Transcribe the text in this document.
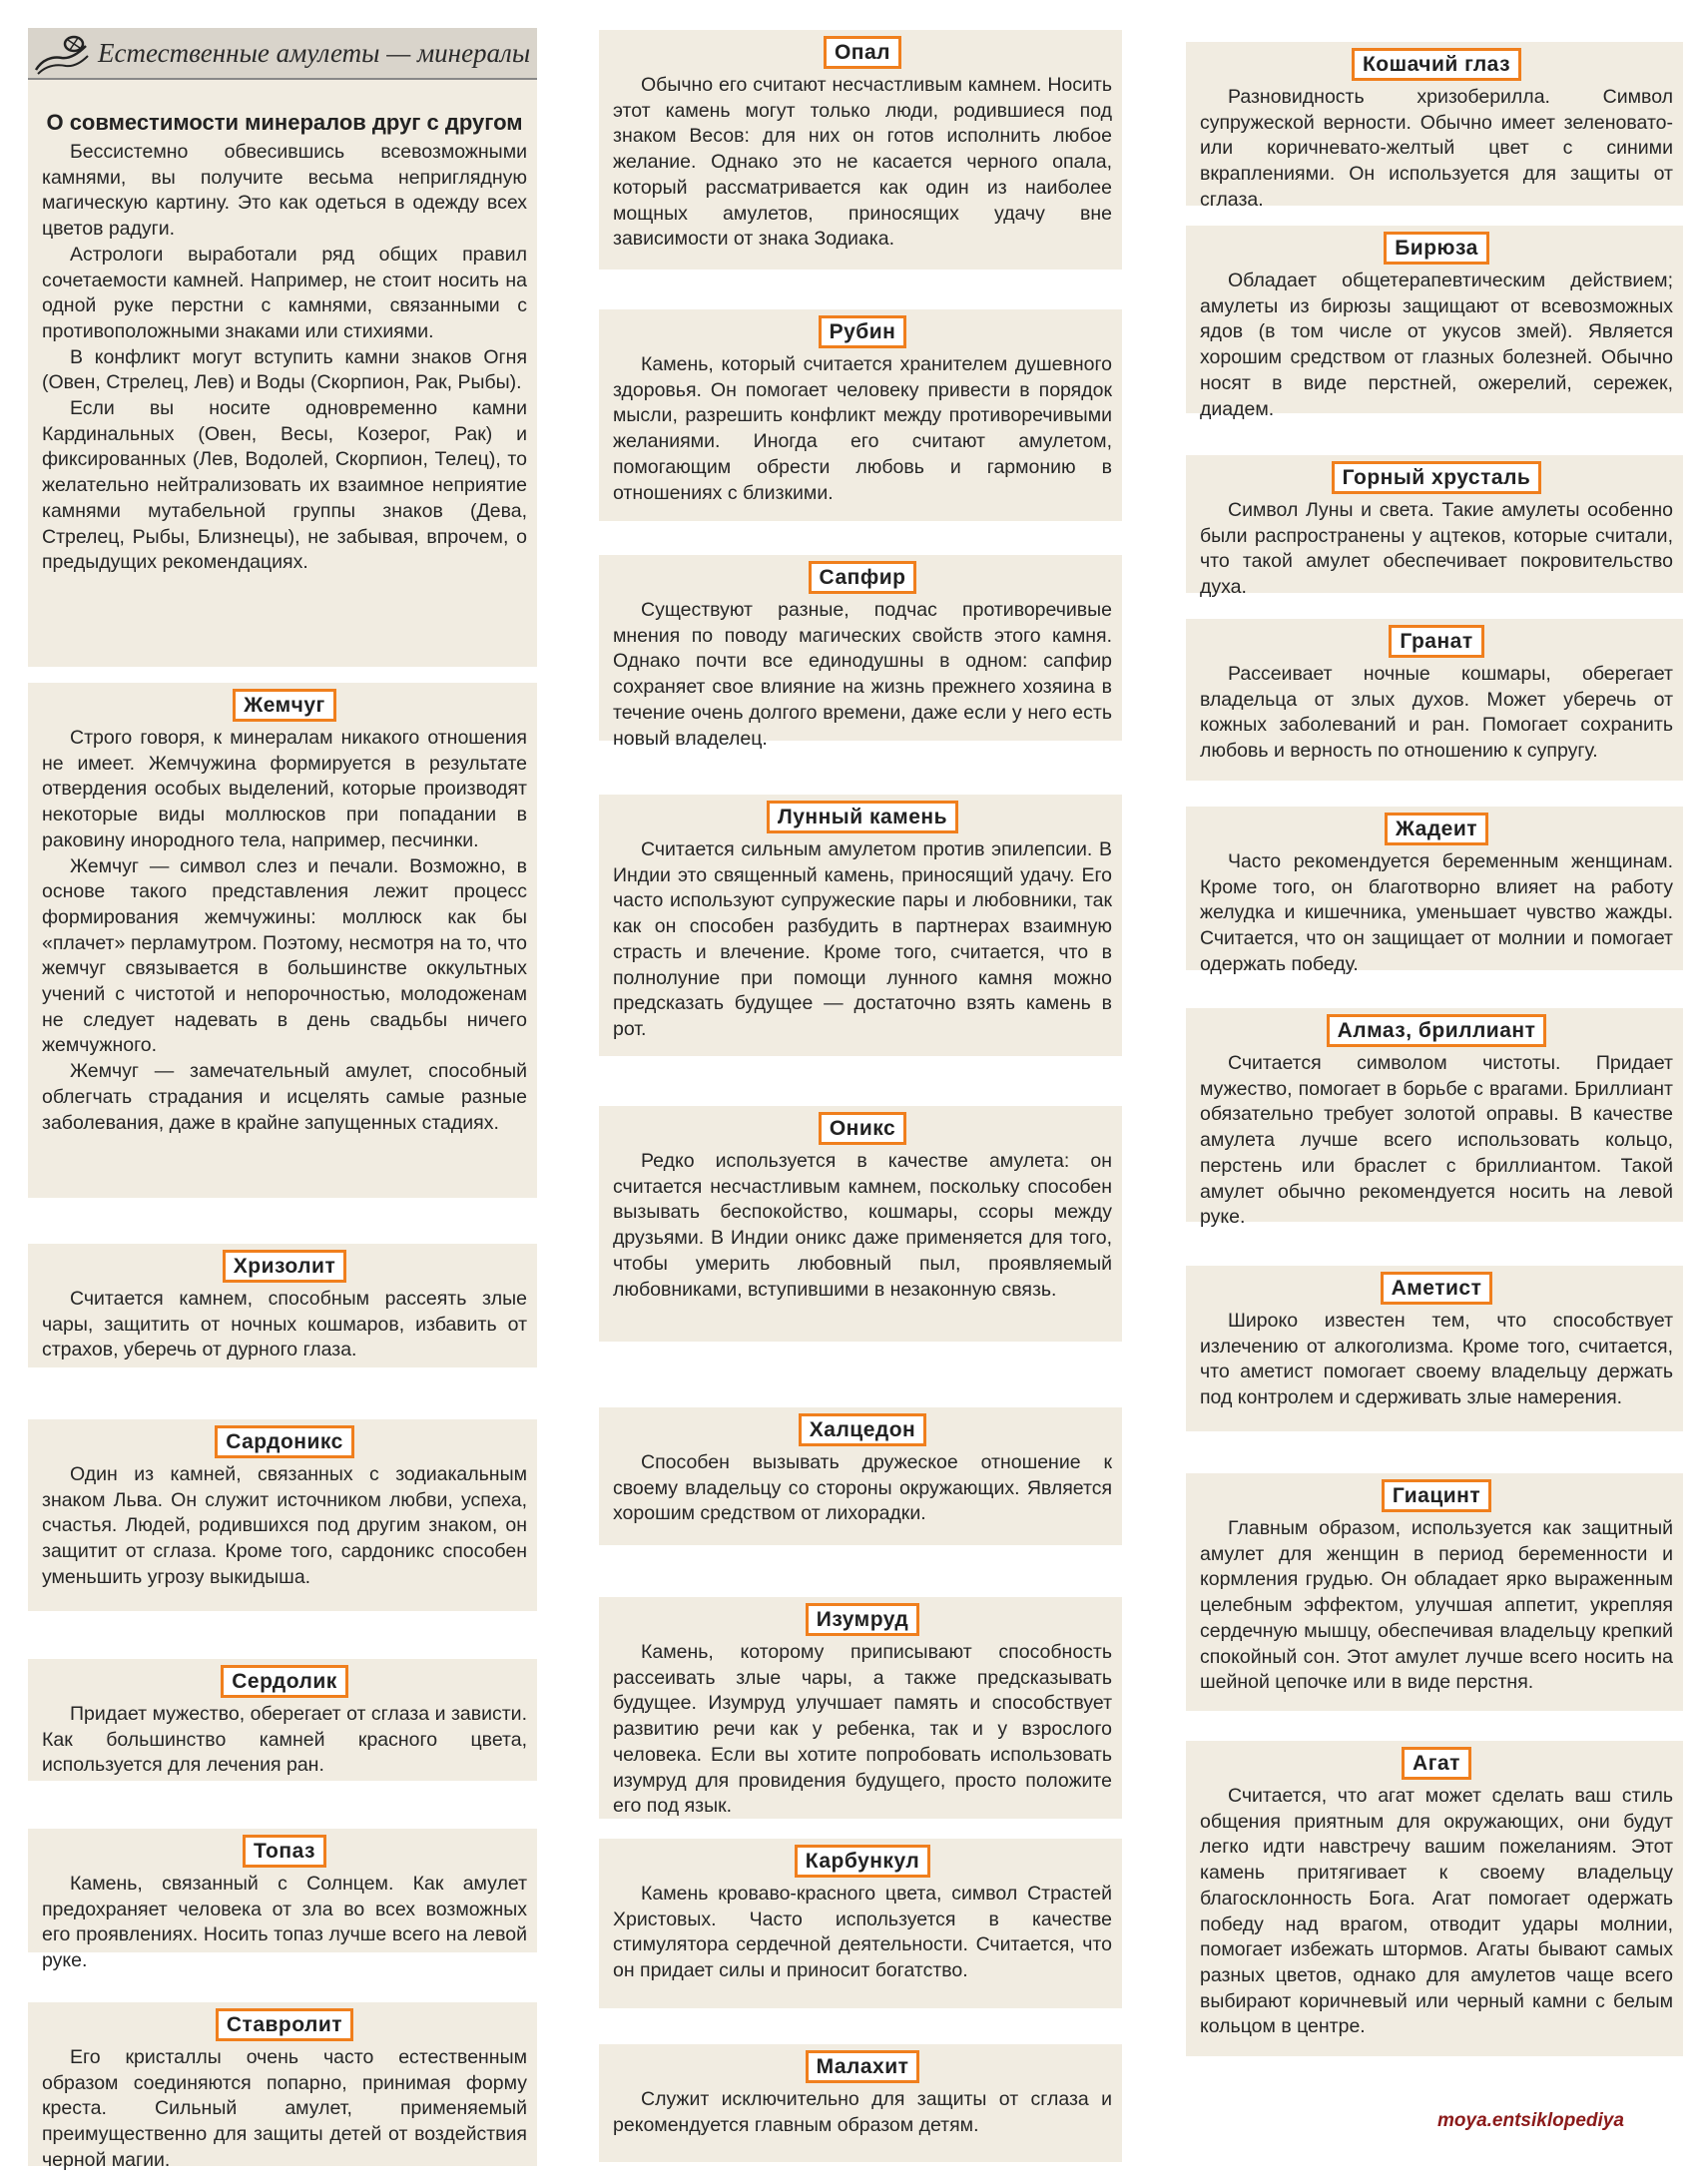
Естественные амулеты — минералы
О совместимости минералов друг с другом

Бессистемно обвесившись всевозможными камнями, вы получите весьма неприглядную магическую картину. Это как одеться в одежду всех цветов радуги.

Астрологи выработали ряд общих правил сочетаемости камней. Например, не стоит носить на одной руке перстни с камнями, связанными с противоположными знаками или стихиями.

В конфликт могут вступить камни знаков Огня (Овен, Стрелец, Лев) и Воды (Скорпион, Рак, Рыбы).

Если вы носите одновременно камни Кардинальных (Овен, Весы, Козерог, Рак) и фиксированных (Лев, Водолей, Скорпион, Телец), то желательно нейтрализовать их взаимное неприятие камнями мутабельной группы знаков (Дева, Стрелец, Рыбы, Близнецы), не забывая, впрочем, о предыдущих рекомендациях.

Жемчуг

Строго говоря, к минералам никакого отношения не имеет. Жемчужина формируется в результате отвердения особых выделений, которые производят некоторые виды моллюсков при попадании в раковину инородного тела, например, песчинки.

Жемчуг — символ слез и печали. Возможно, в основе такого представления лежит процесс формирования жемчужины: моллюск как бы «плачет» перламутром. Поэтому, несмотря на то, что жемчуг связывается в большинстве оккультных учений с чистотой и непорочностью, молодоженам не следует надевать в день свадьбы ничего жемчужного.

Жемчуг — замечательный амулет, способный облегчать страдания и исцелять самые разные заболевания, даже в крайне запущенных стадиях.

Хризолит

Считается камнем, способным рассеять злые чары, защитить от ночных кошмаров, избавить от страхов, уберечь от дурного глаза.

Сардоникс

Один из камней, связанных с зодиакальным знаком Льва. Он служит источником любви, успеха, счастья. Людей, родившихся под другим знаком, он защитит от сглаза. Кроме того, сардоникс способен уменьшить угрозу выкидыша.

Сердолик

Придает мужество, оберегает от сглаза и зависти. Как большинство камней красного цвета, используется для лечения ран.

Топаз

Камень, связанный с Солнцем. Как амулет предохраняет человека от зла во всех возможных его проявлениях. Носить топаз лучше всего на левой руке.

Ставролит

Его кристаллы очень часто естественным образом соединяются попарно, принимая форму креста. Сильный амулет, применяемый преимущественно для защиты детей от воздействия черной магии.

Опал

Обычно его считают несчастливым камнем. Носить этот камень могут только люди, родившиеся под знаком Весов: для них он готов исполнить любое желание. Однако это не касается черного опала, который рассматривается как один из наиболее мощных амулетов, приносящих удачу вне зависимости от знака Зодиака.

Рубин

Камень, который считается хранителем душевного здоровья. Он помогает человеку привести в порядок мысли, разрешить конфликт между противоречивыми желаниями. Иногда его считают амулетом, помогающим обрести любовь и гармонию в отношениях с близкими.

Сапфир

Существуют разные, подчас противоречивые мнения по поводу магических свойств этого камня. Однако почти все единодушны в одном: сапфир сохраняет свое влияние на жизнь прежнего хозяина в течение очень долгого времени, даже если у него есть новый владелец.

Лунный камень

Считается сильным амулетом против эпилепсии. В Индии это священный камень, приносящий удачу. Его часто используют супружеские пары и любовники, так как он способен разбудить в партнерах взаимную страсть и влечение. Кроме того, считается, что в полнолуние при помощи лунного камня можно предсказать будущее — достаточно взять камень в рот.

Оникс

Редко используется в качестве амулета: он считается несчастливым камнем, поскольку способен вызывать беспокойство, кошмары, ссоры между друзьями. В Индии оникс даже применяется для того, чтобы умерить любовный пыл, проявляемый любовниками, вступившими в незаконную связь.

Халцедон

Способен вызывать дружеское отношение к своему владельцу со стороны окружающих. Является хорошим средством от лихорадки.

Изумруд

Камень, которому приписывают способность рассеивать злые чары, а также предсказывать будущее. Изумруд улучшает память и способствует развитию речи как у ребенка, так и у взрослого человека. Если вы хотите попробовать использовать изумруд для провидения будущего, просто положите его под язык.

Карбункул

Камень кроваво-красного цвета, символ Страстей Христовых. Часто используется в качестве стимулятора сердечной деятельности. Считается, что он придает силы и приносит богатство.

Малахит

Служит исключительно для защиты от сглаза и рекомендуется главным образом детям.

Кошачий глаз

Разновидность хризоберилла. Символ супружеской верности. Обычно имеет зеленовато- или коричневато-желтый цвет с синими вкраплениями. Он используется для защиты от сглаза.

Бирюза

Обладает общетерапевтическим действием; амулеты из бирюзы защищают от всевозможных ядов (в том числе от укусов змей). Является хорошим средством от глазных болезней. Обычно носят в виде перстней, ожерелий, сережек, диадем.

Горный хрусталь

Символ Луны и света. Такие амулеты особенно были распространены у ацтеков, которые считали, что такой амулет обеспечивает покровительство духа.

Гранат

Рассеивает ночные кошмары, оберегает владельца от злых духов. Может уберечь от кожных заболеваний и ран. Помогает сохранить любовь и верность по отношению к супругу.

Жадеит

Часто рекомендуется беременным женщинам. Кроме того, он благотворно влияет на работу желудка и кишечника, уменьшает чувство жажды. Считается, что он защищает от молнии и помогает одержать победу.

Алмаз, бриллиант

Считается символом чистоты. Придает мужество, помогает в борьбе с врагами. Бриллиант обязательно требует золотой оправы. В качестве амулета лучше всего использовать кольцо, перстень или браслет с бриллиантом. Такой амулет обычно рекомендуется носить на левой руке.

Аметист

Широко известен тем, что способствует излечению от алкоголизма. Кроме того, считается, что аметист помогает своему владельцу держать под контролем и сдерживать злые намерения.

Гиацинт

Главным образом, используется как защитный амулет для женщин в период беременности и кормления грудью. Он обладает ярко выраженным целебным эффектом, улучшая аппетит, укрепляя сердечную мышцу, обеспечивая владельцу крепкий спокойный сон. Этот амулет лучше всего носить на шейной цепочке или в виде перстня.

Агат

Считается, что агат может сделать ваш стиль общения приятным для окружающих, они будут легко идти навстречу вашим пожеланиям. Этот камень притягивает к своему владельцу благосклонность Бога. Агат помогает одержать победу над врагом, отводит удары молнии, помогает избежать штормов. Агаты бывают самых разных цветов, однако для амулетов чаще всего выбирают коричневый или черный камни с белым кольцом в центре.

moya.entsiklopediya
